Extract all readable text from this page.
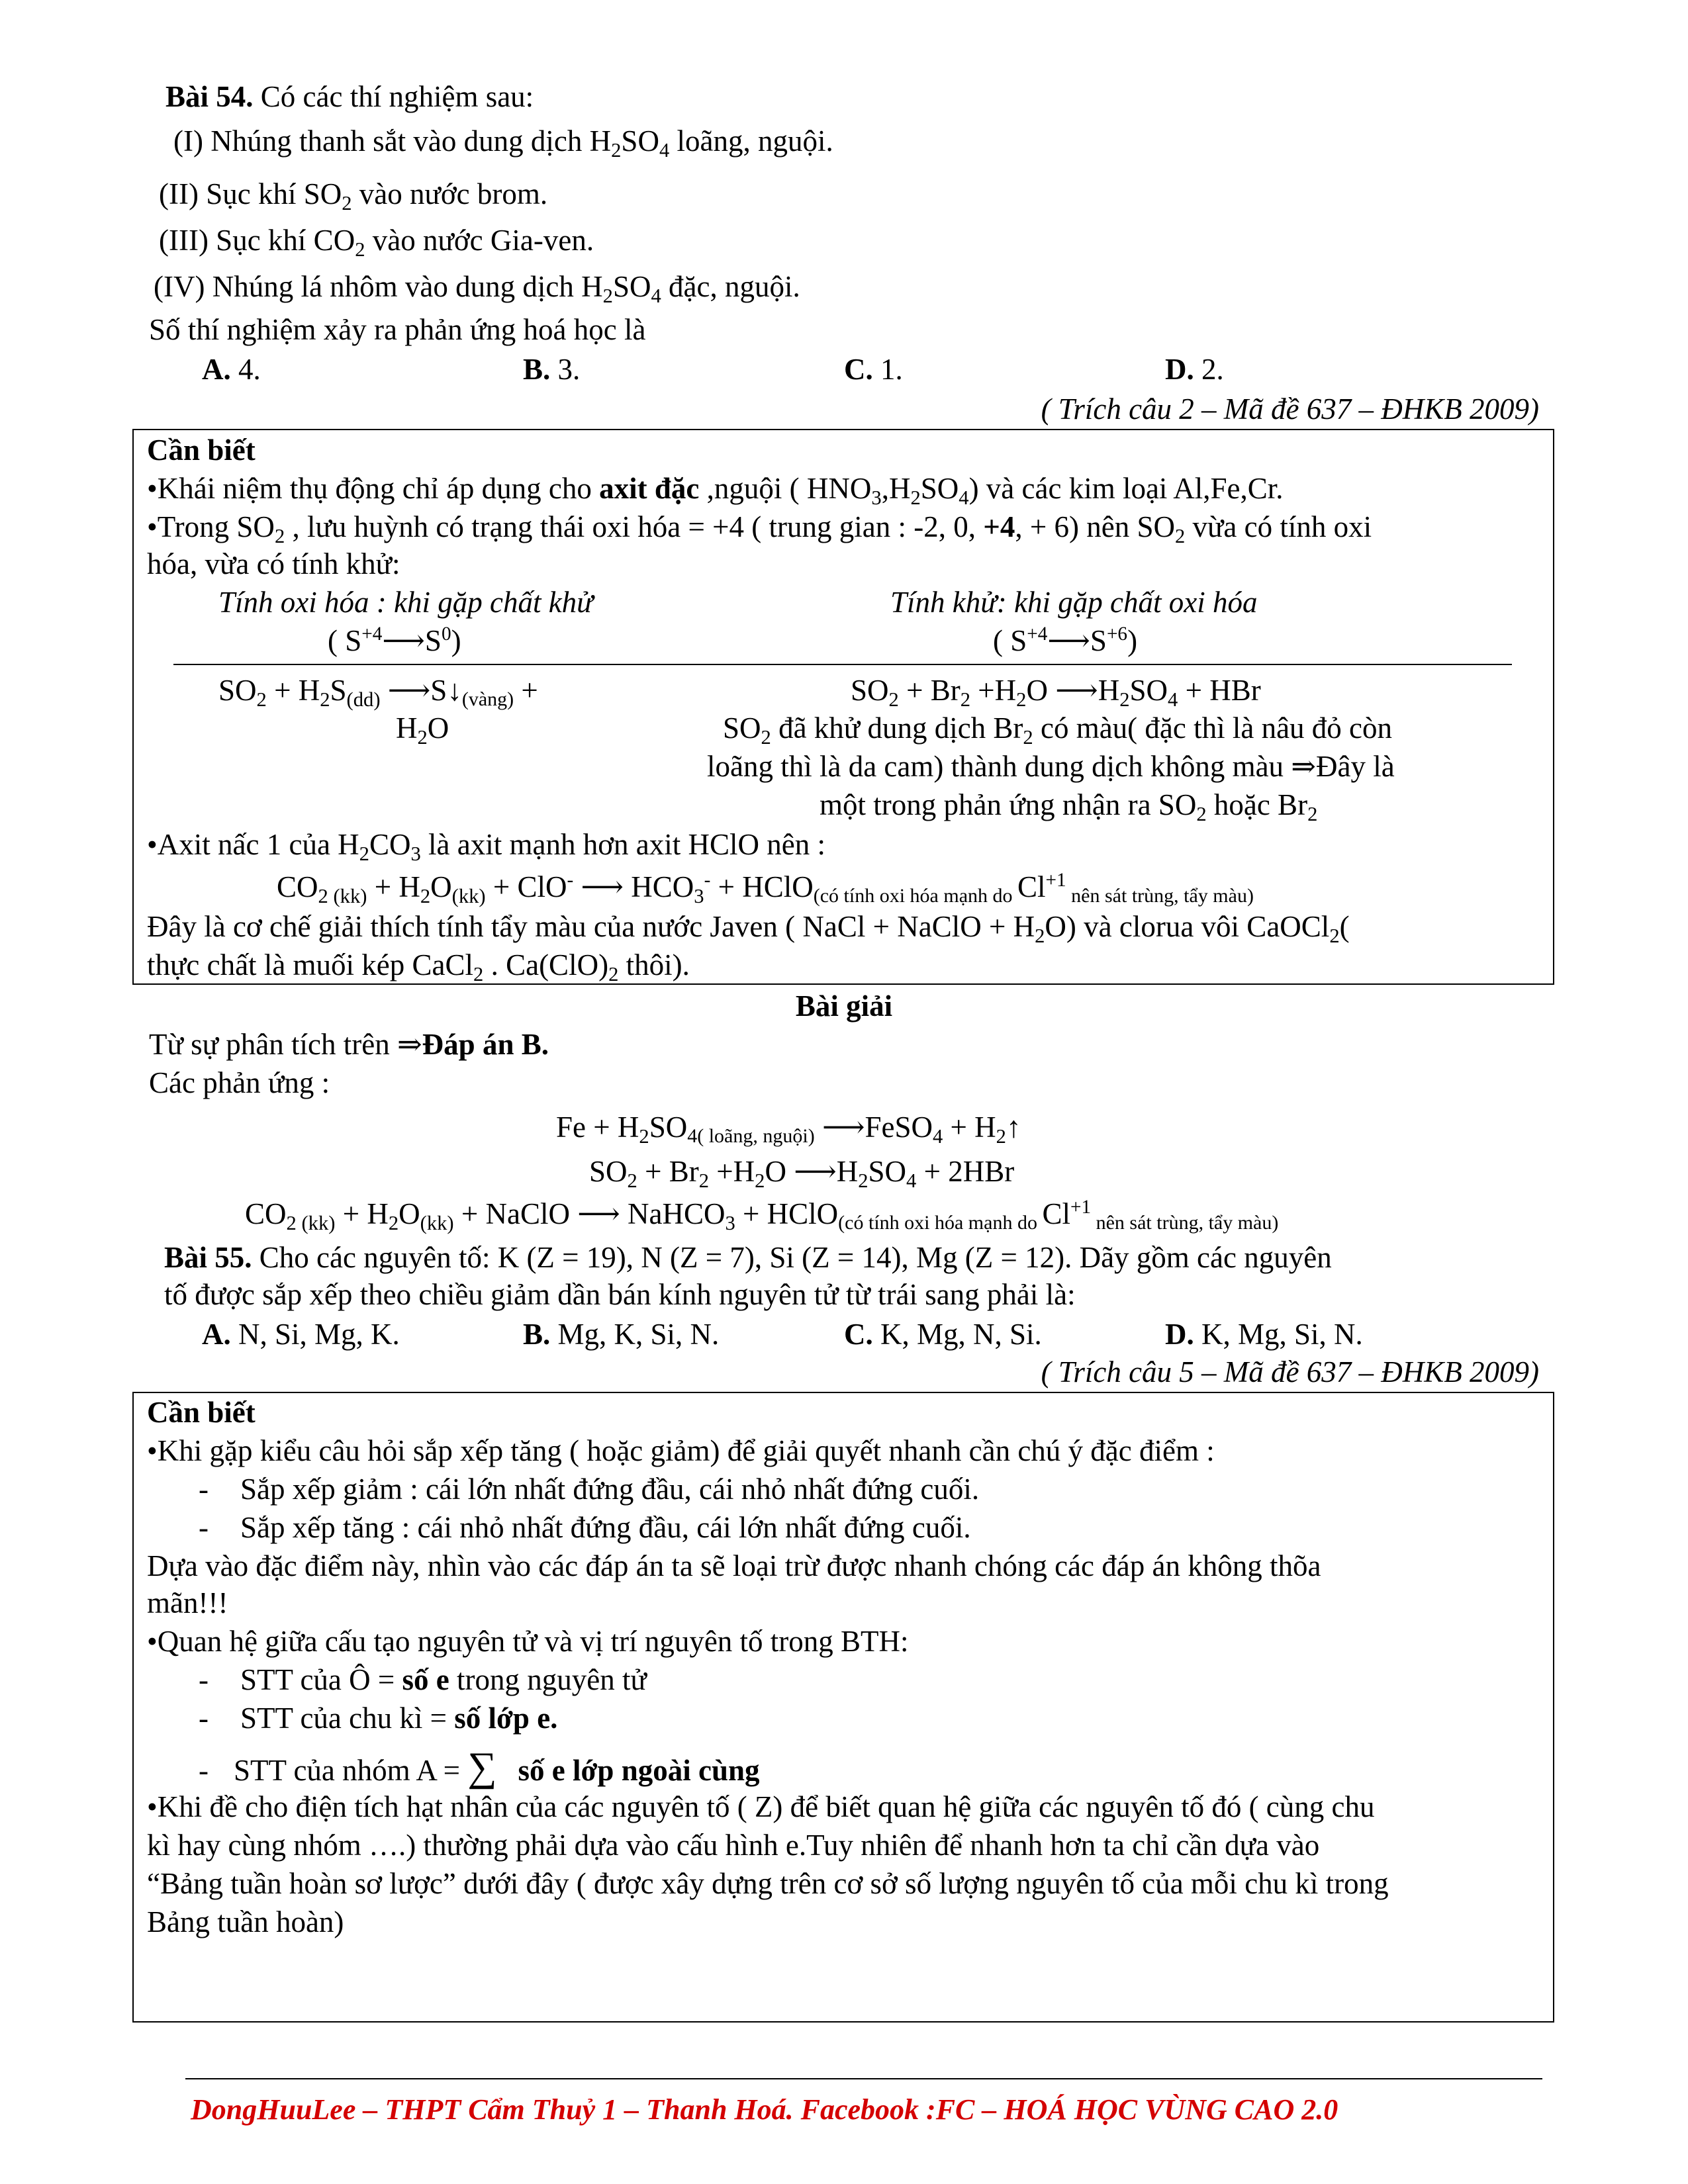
Bài 54. Có các thí nghiệm sau:
(I) Nhúng thanh sắt vào dung dịch $H_2SO_4$ loãng, nguội.
(II) Sục khí $SO_2$ vào nước brom.
(III) Sục khí $CO_2$ vào nước Gia-ven.
(IV) Nhúng lá nhôm vào dung dịch $H_2SO_4$ đặc, nguội.
Số thí nghiệm xảy ra phản ứng hoá học là
A. 4.	B. 3.	C. 1.	D. 2.
( Trích câu 2 – Mã đề 637 – ĐHKB 2009)
Cần biết
•Khái niệm thụ động chỉ áp dụng cho axit đặc ,nguội ( $HNO_3,H_2SO_4$) và các kim loại Al,Fe,Cr.
•Trong $SO_2$ , lưu huỳnh có trạng thái oxi hóa = +4 ( trung gian : -2, 0, +4, + 6) nên $SO_2$ vừa có tính oxi
hóa, vừa có tính khử:
Tính oxi hóa : khi gặp chất khử	Tính khử: khi gặp chất oxi hóa
( $S^{+4}⟶S^0$)	( $S^{+4}⟶S^{+6}$)
$SO_2 + H_2S_{(dd)}$ $⟶S↓_{(vàng)}$ +
$H_2O$
$SO_2 + Br_2 +H_2O$ $⟶H_2SO_4$ + HBr
$SO_2$ đã khử dung dịch $Br_2$ có màu( đặc thì là nâu đỏ còn
loãng thì là da cam) thành dung dịch không màu ⇒Đây là
một trong phản ứng nhận ra $SO_2$ hoặc $Br_2$
•Axit nấc 1 của $H_2CO_3$ là axit mạnh hơn axit HClO nên :
$CO_{2 (kk)} + H_2O_{(kk)} + ClO^-$ ⟶ $HCO_3^-$ + HClO$_{(có tính oxi hóa mạnh do}$ $Cl^{+1}$ $_{nên sát trùng, tẩy màu)}$
Đây là cơ chế giải thích tính tẩy màu của nước Javen ( NaCl + NaClO + $H_2O$) và clorua vôi CaOCl$_2$(
thực chất là muối kép CaCl$_2$ . $Ca(ClO)_2$ thôi).
Bài giải
Từ sự phân tích trên ⇒Đáp án B.
Các phản ứng :
$Fe + H_2SO_{4( loãng, nguội)}$ ⟶FeSO$_4$ + $H_2↑$
$SO_2 + Br_2 +H_2O$ $⟶H_2SO_4 + 2HBr$
$CO_{2 (kk)} + H_2O_{(kk)}$ + NaClO ⟶ NaHCO$_3$ + HClO$_{(có tính oxi hóa mạnh do}$ $Cl^{+1}$ $_{nên sát trùng, tẩy màu)}$
Bài 55. Cho các nguyên tố: K (Z = 19), N (Z = 7), Si (Z = 14), Mg (Z = 12). Dãy gồm các nguyên
tố được sắp xếp theo chiều giảm dần bán kính nguyên tử từ trái sang phải là:
A. N, Si, Mg, K.	B. Mg, K, Si, N.	C. K, Mg, N, Si.	D. K, Mg, Si, N.
( Trích câu 5 – Mã đề 637 – ĐHKB 2009)
Cần biết
•Khi gặp kiểu câu hỏi sắp xếp tăng ( hoặc giảm) để giải quyết nhanh cần chú ý đặc điểm :
- Sắp xếp giảm : cái lớn nhất đứng đầu, cái nhỏ nhất đứng cuối.
- Sắp xếp tăng : cái nhỏ nhất đứng đầu, cái lớn nhất đứng cuối.
Dựa vào đặc điểm này, nhìn vào các đáp án ta sẽ loại trừ được nhanh chóng các đáp án không thõa
mãn!!!
•Quan hệ giữa cấu tạo nguyên tử và vị trí nguyên tố trong BTH:
- STT của Ô = số e trong nguyên tử
- STT của chu kì = số lớp e.
- STT của nhóm A = ∑ số e lớp ngoài cùng
•Khi đề cho điện tích hạt nhân của các nguyên tố ( Z) để biết quan hệ giữa các nguyên tố đó ( cùng chu
kì hay cùng nhóm ….) thường phải dựa vào cấu hình e.Tuy nhiên để nhanh hơn ta chỉ cần dựa vào
“Bảng tuần hoàn sơ lược” dưới đây ( được xây dựng trên cơ sở số lượng nguyên tố của mỗi chu kì trong
Bảng tuần hoàn)
DongHuuLee – THPT Cẩm Thuỷ 1 – Thanh Hoá. Facebook :FC – HOÁ HỌC VÙNG CAO 2.0
